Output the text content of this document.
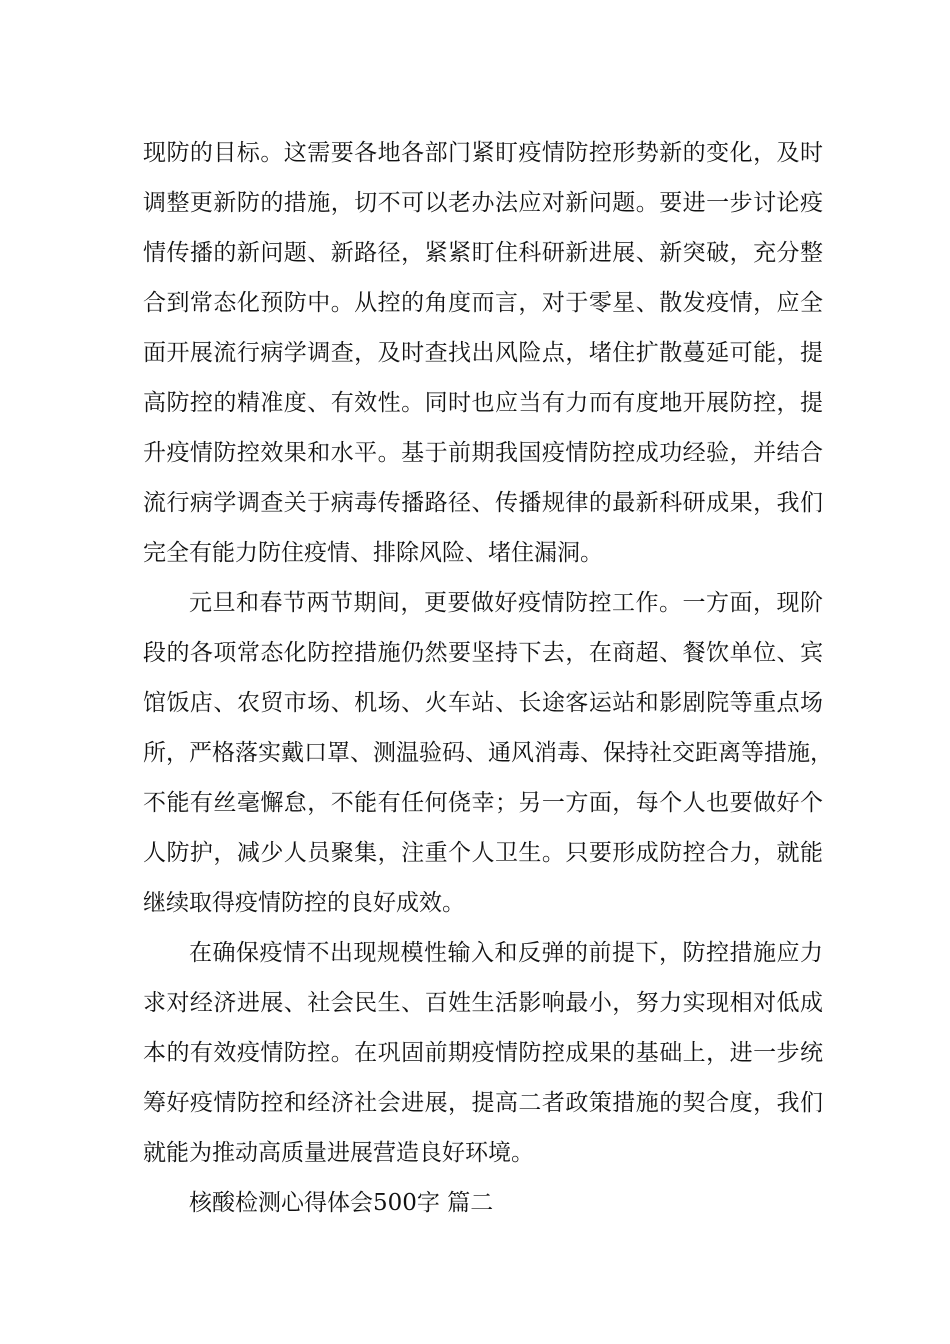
现防的目标。这需要各地各部门紧盯疫情防控形势新的变化，及时
调整更新防的措施，切不可以老办法应对新问题。要进一步讨论疫
情传播的新问题、新路径，紧紧盯住科研新进展、新突破，充分整
合到常态化预防中。从控的角度而言，对于零星、散发疫情，应全
面开展流行病学调查，及时查找出风险点，堵住扩散蔓延可能，提
高防控的精准度、有效性。同时也应当有力而有度地开展防控，提
升疫情防控效果和水平。基于前期我国疫情防控成功经验，并结合
流行病学调查关于病毒传播路径、传播规律的最新科研成果，我们
完全有能力防住疫情、排除风险、堵住漏洞。
元旦和春节两节期间，更要做好疫情防控工作。一方面，现阶
段的各项常态化防控措施仍然要坚持下去，在商超、餐饮单位、宾
馆饭店、农贸市场、机场、火车站、长途客运站和影剧院等重点场
所，严格落实戴口罩、测温验码、通风消毒、保持社交距离等措施，
不能有丝毫懈怠，不能有任何侥幸；另一方面，每个人也要做好个
人防护，减少人员聚集，注重个人卫生。只要形成防控合力，就能
继续取得疫情防控的良好成效。
在确保疫情不出现规模性输入和反弹的前提下，防控措施应力
求对经济进展、社会民生、百姓生活影响最小，努力实现相对低成
本的有效疫情防控。在巩固前期疫情防控成果的基础上，进一步统
筹好疫情防控和经济社会进展，提高二者政策措施的契合度，我们
就能为推动高质量进展营造良好环境。
核酸检测心得体会500字 篇二
